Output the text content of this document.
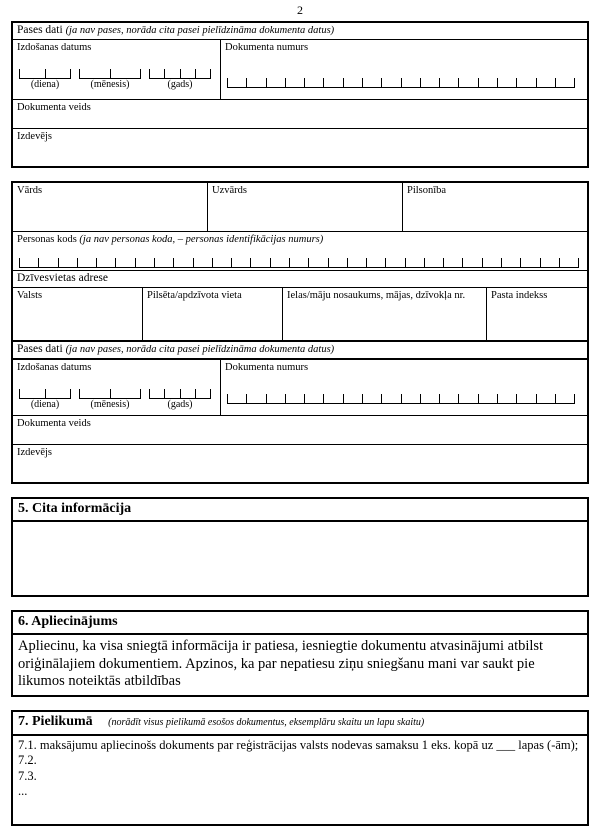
2
Pases dati (ja nav pases, norāda cita pasei pielīdzināma dokumenta datus)
Izdošanas datums
(diena)	(mēnesis)	(gads)
Dokumenta numurs
Dokumenta veids
Izdevējs
Vārds	Uzvārds	Pilsonība
Personas kods (ja nav personas koda, – personas identifikācijas numurs)
Dzīvesvietas adrese
Valsts	Pilsēta/apdzīvota vieta	Ielas/māju nosaukums, mājas, dzīvokļa nr.	Pasta indekss
Pases dati (ja nav pases, norāda cita pasei pielīdzināma dokumenta datus)
Izdošanas datums
(diena)	(mēnesis)	(gads)
Dokumenta numurs
Dokumenta veids
Izdevējs
5. Cita informācija
6. Apliecinājums
Apliecinu, ka visa sniegtā informācija ir patiesa, iesniegtie dokumentu atvasinājumi atbilst oriģinālajiem dokumentiem. Apzinos, ka par nepatiesu ziņu sniegšanu mani var saukt pie likumos noteiktās atbildības
7. Pielikumā (norādīt visus pielikumā esošos dokumentus, eksemplāru skaitu un lapu skaitu)
7.1. maksājumu apliecinošs dokuments par reģistrācijas valsts nodevas samaksu 1 eks. kopā uz ___ lapas (-ām);
7.2.
7.3.
...
